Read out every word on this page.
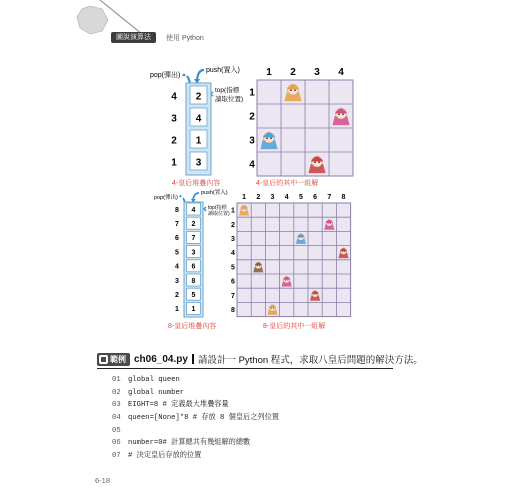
圖說演算法	使用 Python
pop(彈出)
push(置入)
top(指標
讀取位置)
4 2
3 4
2 1
1 3
4-皇后堆疊內容
1 2 3 4
1
2
3
4
4-皇后的其中一組解
pop(彈出)
push(置入)
top(指標
讀取位置)
8 4
7 2
6 7
5 3
4 6
3 8
2 5
1 1
8-皇后堆疊內容
1 2 3 4 5 6 7 8
1
2
3
4
5
6
7
8
8-皇后的其中一組解
範例 ch06_04.py 請設計一 Python 程式，求取八皇后問題的解決方法。
01	global queen
02	global number
03	EIGHT=8 # 定義最大堆疊容量
04	queen=[None]*8 # 存放 8 個皇后之列位置
05
06	number=0# 計算總共有幾組解的總數
07	# 決定皇后存放的位置
6-18
